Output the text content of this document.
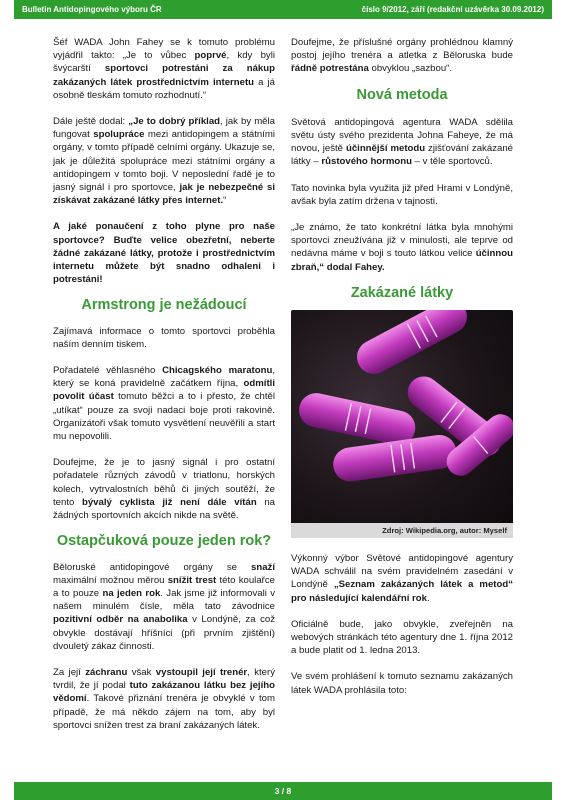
Bulletin Antidopingového výboru ČR	číslo 9/2012, září (redakční uzávěrka 30.09.2012)

Šéf WADA John Fahey se k tomuto problému vyjádřil takto: „Je to vůbec poprvé, kdy byli švýcarští sportovci potrestáni za nákup zakázaných látek prostřednictvím internetu a já osobně tleskám tomuto rozhodnutí.“

Dále ještě dodal: „Je to dobrý příklad, jak by měla fungovat spolupráce mezi antidopingem a státními orgány, v tomto případě celními orgány. Ukazuje se, jak je důležitá spolupráce mezi státními orgány a antidopingem v tomto boji. V neposlední řadě je to jasný signál i pro sportovce, jak je nebezpečné si získávat zakázané látky přes internet.“

A jaké ponaučení z toho plyne pro naše sportovce? Buďte velice obezřetní, neberte žádné zakázané látky, protože i prostřednictvím internetu můžete být snadno odhaleni i potrestáni!

Armstrong je nežádoucí

Zajímavá informace o tomto sportovci proběhla naším denním tiskem.

Pořadatelé věhlasného Chicagského maratonu, který se koná pravidelně začátkem října, odmítli povolit účast tomuto běžci a to i přesto, že chtěl „utíkat“ pouze za svoji nadaci boje proti rakovině. Organizátoři však tomuto vysvětlení neuvěřili a start mu nepovolili.

Doufejme, že je to jasný signál i pro ostatní pořadatele různých závodů v triatlonu, horských kolech, vytrvalostních běhů či jiných soutěží, že tento bývalý cyklista již není dále vítán na žádných sportovních akcích nikde na světě.

Ostapčuková pouze jeden rok?

Běloruské antidopingové orgány se snaží maximální možnou měrou snížit trest této koulařce a to pouze na jeden rok. Jak jsme již informovali v našem minulém čísle, měla tato závodnice pozitivní odběr na anabolika v Londýně, za což obvykle dostávají hříšníci (při prvním zjištění) dvouletý zákaz činnosti.

Za její záchranu však vystoupil její trenér, který tvrdil, že jí podal tuto zakázanou látku bez jejího vědomí. Takové přiznání trenéra je obvyklé v tom případě, že má někdo zájem na tom, aby byl sportovci snížen trest za braní zakázaných látek.

Doufejme, že příslušné orgány prohlédnou klamný postoj jejího trenéra a atletka z Běloruska bude řádně potrestána obvyklou „sazbou“.

Nová metoda

Světová antidopingová agentura WADA sdělila světu ústy svého prezidenta Johna Faheye, že má novou, ještě účinnější metodu zjišťování zakázané látky – růstového hormonu – v těle sportovců.

Tato novinka byla využita již před Hrami v Londýně, avšak byla zatím držena v tajnosti.

„Je známo, že tato konkrétní látka byla mnohými sportovci zneužívána již v minulosti, ale teprve od nedávna máme v boji s touto látkou velice účinnou zbraň,“ dodal Fahey.

Zakázané látky
Zdroj: Wikipedia.org, autor: Myself

Výkonný výbor Světové antidopingové agentury WADA schválil na svém pravidelném zasedání v Londýně „Seznam zakázaných látek a metod“ pro následující kalendářní rok.

Oficiálně bude, jako obvykle, zveřejněn na webových stránkách této agentury dne 1. října 2012 a bude platit od 1. ledna 2013.

Ve svém prohlášení k tomuto seznamu zakázaných látek WADA prohlásila toto:

3 / 8
